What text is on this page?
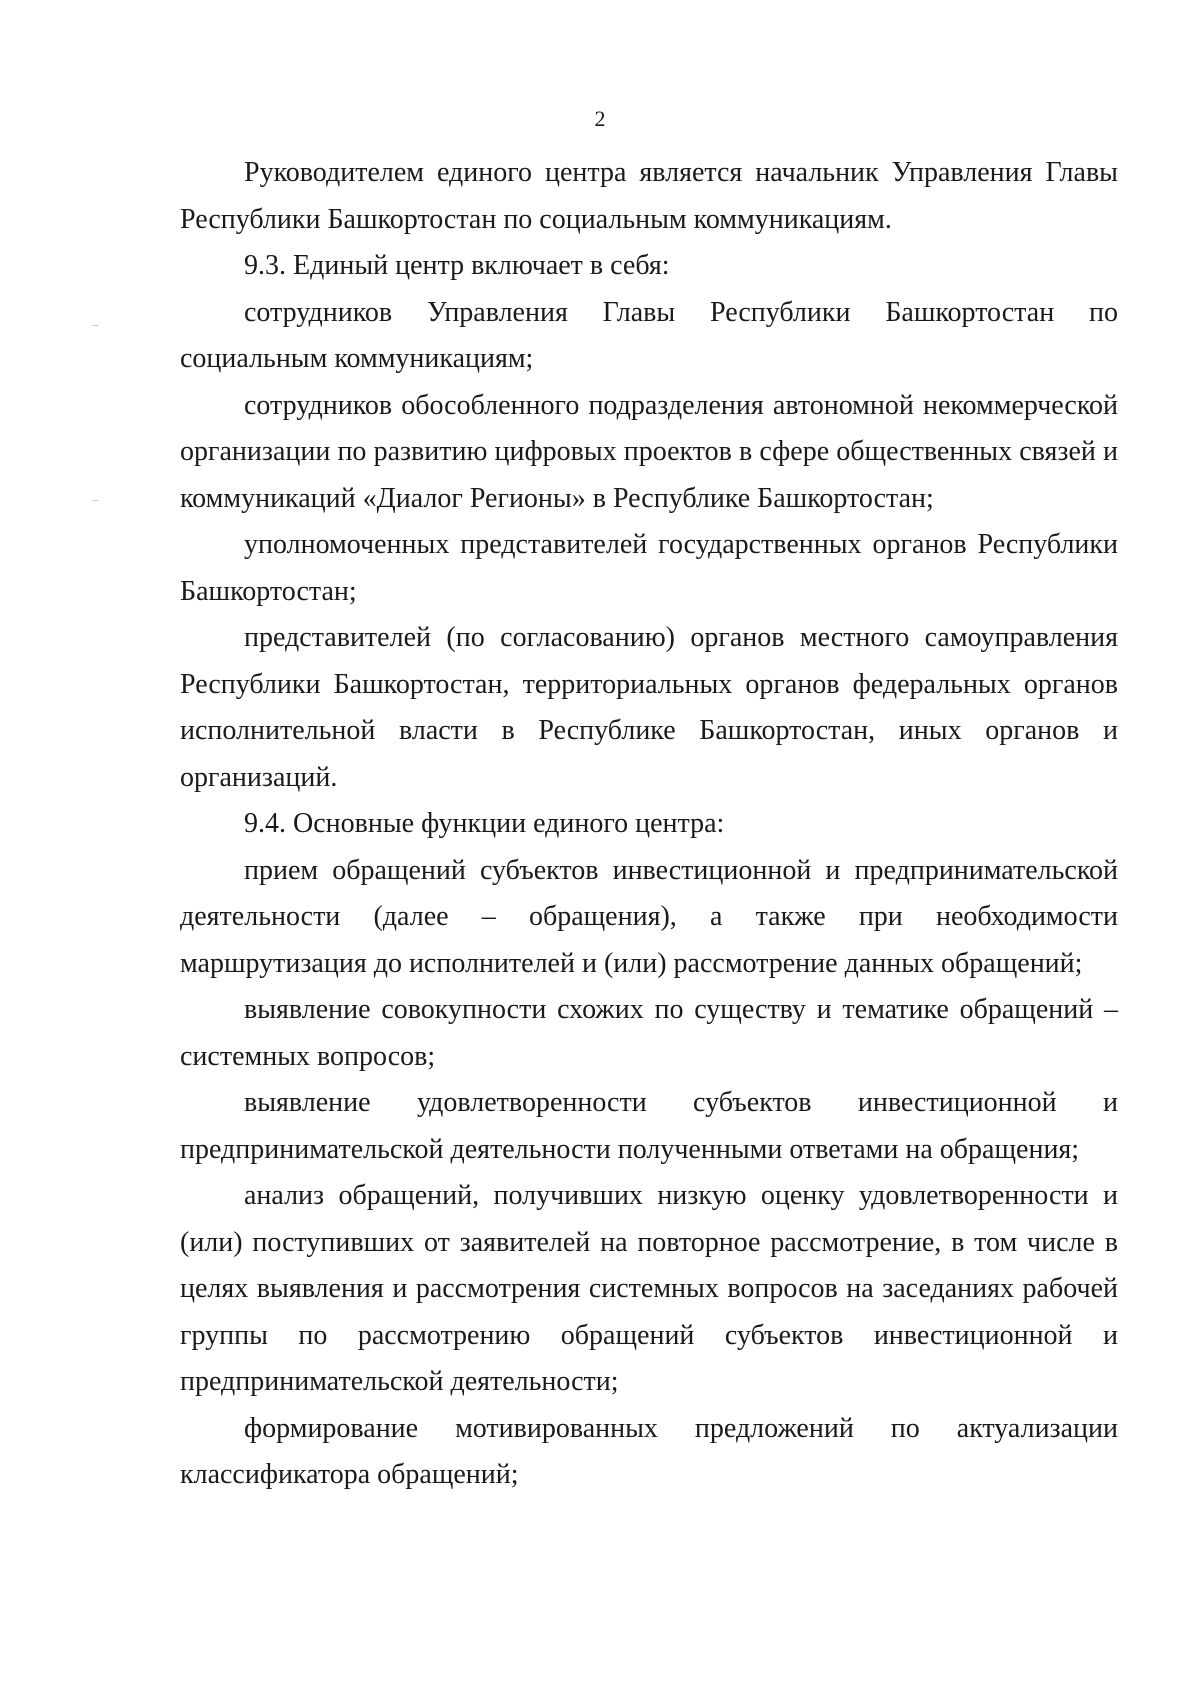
2

Руководителем единого центра является начальник Управления Главы Республики Башкортостан по социальным коммуникациям.

9.3. Единый центр включает в себя:

сотрудников Управления Главы Республики Башкортостан по социальным коммуникациям;

сотрудников обособленного подразделения автономной некоммерческой организации по развитию цифровых проектов в сфере общественных связей и коммуникаций «Диалог Регионы» в Республике Башкортостан;

уполномоченных представителей государственных органов Республики Башкортостан;

представителей (по согласованию) органов местного самоуправления Республики Башкортостан, территориальных органов федеральных органов исполнительной власти в Республике Башкортостан, иных органов и организаций.

9.4. Основные функции единого центра:

прием обращений субъектов инвестиционной и предпринимательской деятельности (далее – обращения), а также при необходимости маршрутизация до исполнителей и (или) рассмотрение данных обращений;

выявление совокупности схожих по существу и тематике обращений – системных вопросов;

выявление удовлетворенности субъектов инвестиционной и предпринимательской деятельности полученными ответами на обращения;

анализ обращений, получивших низкую оценку удовлетворенности и (или) поступивших от заявителей на повторное рассмотрение, в том числе в целях выявления и рассмотрения системных вопросов на заседаниях рабочей группы по рассмотрению обращений субъектов инвестиционной и предпринимательской деятельности;

формирование мотивированных предложений по актуализации классификатора обращений;
